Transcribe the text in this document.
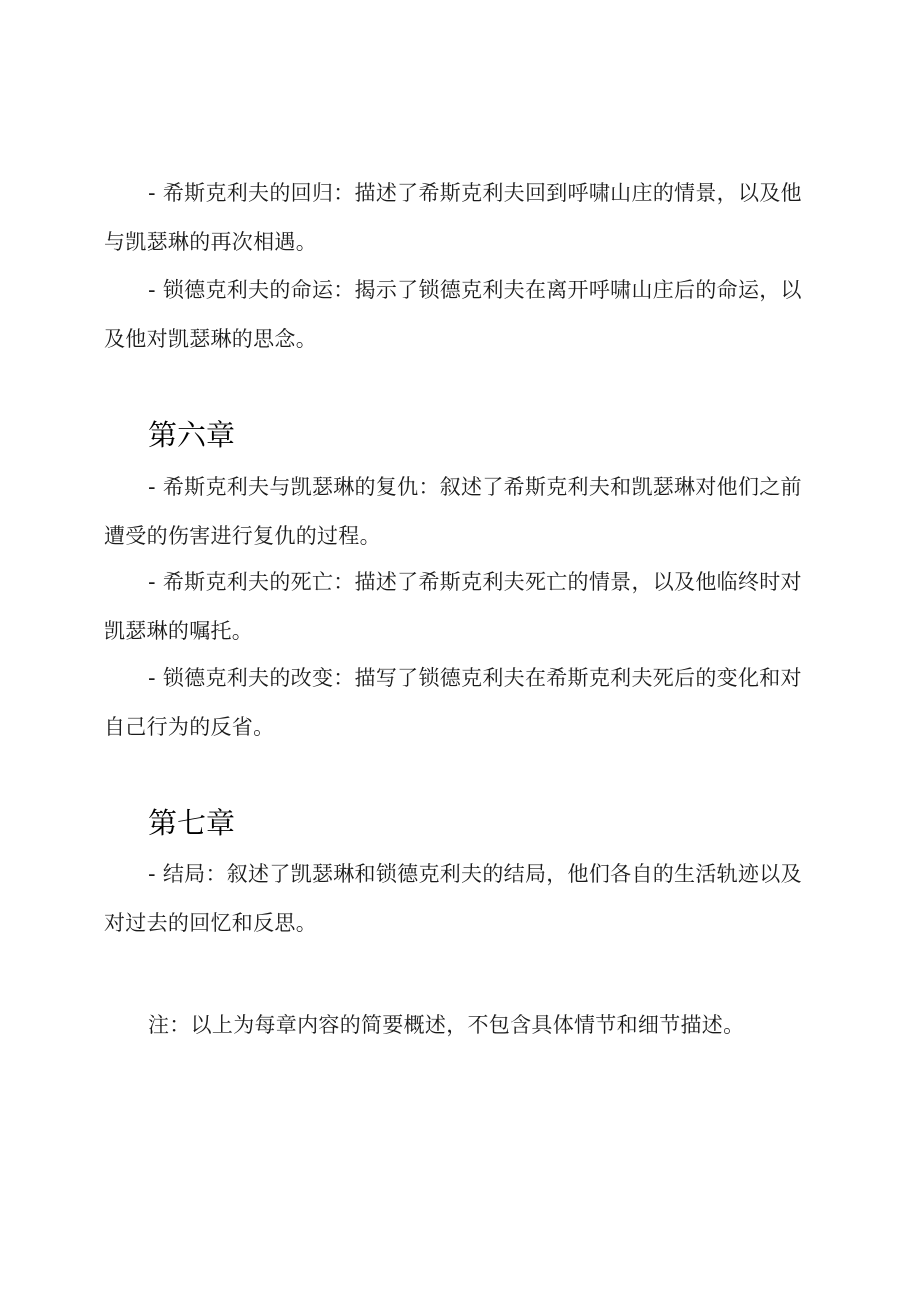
- 希斯克利夫的回归：描述了希斯克利夫回到呼啸山庄的情景，以及他与凯瑟琳的再次相遇。

- 锁德克利夫的命运：揭示了锁德克利夫在离开呼啸山庄后的命运，以及他对凯瑟琳的思念。

第六章

- 希斯克利夫与凯瑟琳的复仇：叙述了希斯克利夫和凯瑟琳对他们之前遭受的伤害进行复仇的过程。

- 希斯克利夫的死亡：描述了希斯克利夫死亡的情景，以及他临终时对凯瑟琳的嘱托。

- 锁德克利夫的改变：描写了锁德克利夫在希斯克利夫死后的变化和对自己行为的反省。

第七章

- 结局：叙述了凯瑟琳和锁德克利夫的结局，他们各自的生活轨迹以及对过去的回忆和反思。

注：以上为每章内容的简要概述，不包含具体情节和细节描述。
